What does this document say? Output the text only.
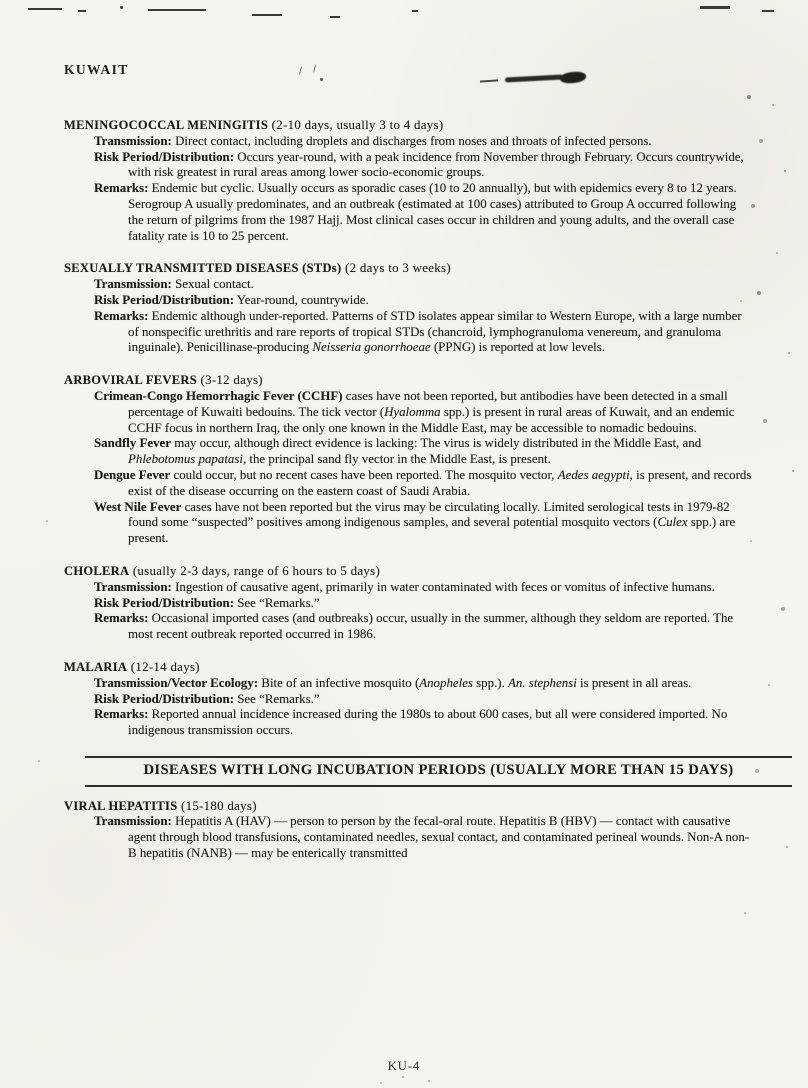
KUWAIT
MENINGOCOCCAL MENINGITIS (2-10 days, usually 3 to 4 days)

Transmission: Direct contact, including droplets and discharges from noses and throats of infected persons.

Risk Period/Distribution: Occurs year-round, with a peak incidence from November through February. Occurs countrywide, with risk greatest in rural areas among lower socio-economic groups.

Remarks: Endemic but cyclic. Usually occurs as sporadic cases (10 to 20 annually), but with epidemics every 8 to 12 years. Serogroup A usually predominates, and an outbreak (estimated at 100 cases) attributed to Group A occurred following the return of pilgrims from the 1987 Hajj. Most clinical cases occur in children and young adults, and the overall case fatality rate is 10 to 25 percent.

SEXUALLY TRANSMITTED DISEASES (STDs) (2 days to 3 weeks)

Transmission: Sexual contact.

Risk Period/Distribution: Year-round, countrywide.

Remarks: Endemic although under-reported. Patterns of STD isolates appear similar to Western Europe, with a large number of nonspecific urethritis and rare reports of tropical STDs (chancroid, lymphogranuloma venereum, and granuloma inguinale). Penicillinase-producing Neisseria gonorrhoeae (PPNG) is reported at low levels.

ARBOVIRAL FEVERS (3-12 days)

Crimean-Congo Hemorrhagic Fever (CCHF) cases have not been reported, but antibodies have been detected in a small percentage of Kuwaiti bedouins. The tick vector (Hyalomma spp.) is present in rural areas of Kuwait, and an endemic CCHF focus in northern Iraq, the only one known in the Middle East, may be accessible to nomadic bedouins.

Sandfly Fever may occur, although direct evidence is lacking: The virus is widely distributed in the Middle East, and Phlebotomus papatasi, the principal sand fly vector in the Middle East, is present.

Dengue Fever could occur, but no recent cases have been reported. The mosquito vector, Aedes aegypti, is present, and records exist of the disease occurring on the eastern coast of Saudi Arabia.

West Nile Fever cases have not been reported but the virus may be circulating locally. Limited serological tests in 1979-82 found some “suspected” positives among indigenous samples, and several potential mosquito vectors (Culex spp.) are present.

CHOLERA (usually 2-3 days, range of 6 hours to 5 days)

Transmission: Ingestion of causative agent, primarily in water contaminated with feces or vomitus of infective humans.

Risk Period/Distribution: See “Remarks.”

Remarks: Occasional imported cases (and outbreaks) occur, usually in the summer, although they seldom are reported. The most recent outbreak reported occurred in 1986.

MALARIA (12-14 days)

Transmission/Vector Ecology: Bite of an infective mosquito (Anopheles spp.). An. stephensi is present in all areas.

Risk Period/Distribution: See “Remarks.”

Remarks: Reported annual incidence increased during the 1980s to about 600 cases, but all were considered imported. No indigenous transmission occurs.

DISEASES WITH LONG INCUBATION PERIODS (USUALLY MORE THAN 15 DAYS)
VIRAL HEPATITIS (15-180 days)

Transmission: Hepatitis A (HAV) — person to person by the fecal-oral route. Hepatitis B (HBV) — contact with causative agent through blood transfusions, contaminated needles, sexual contact, and contaminated perineal wounds. Non-A non-B hepatitis (NANB) — may be enterically transmitted

KU-4
